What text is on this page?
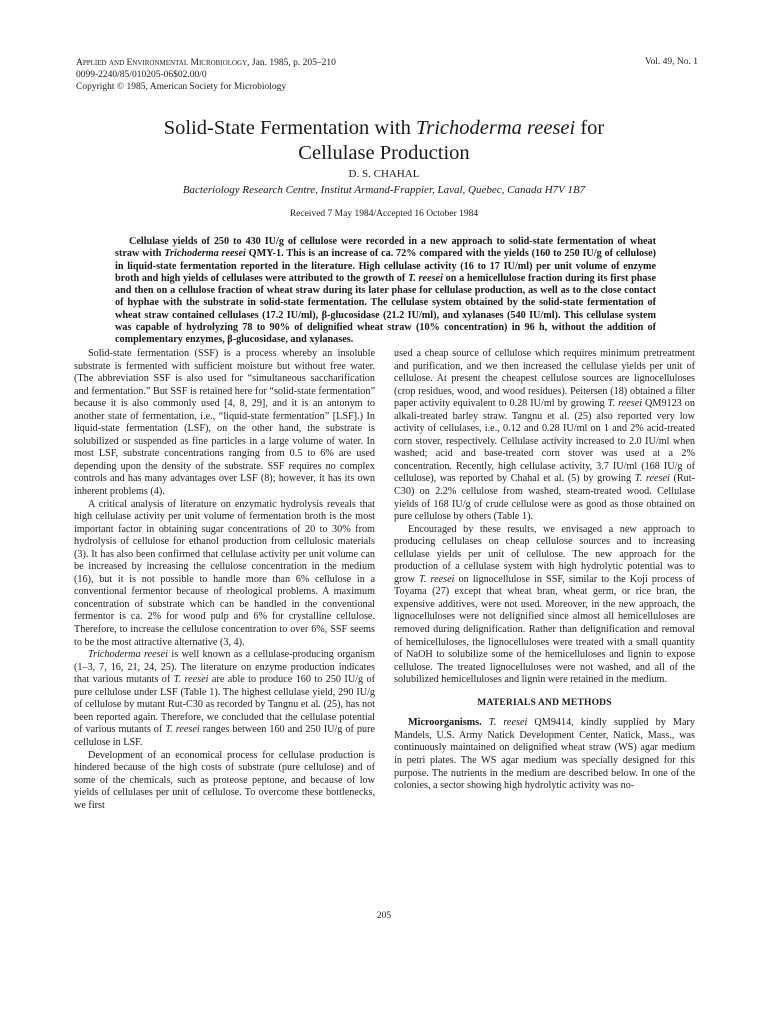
Applied and Environmental Microbiology, Jan. 1985, p. 205–210
0099-2240/85/010205-06$02.00/0
Copyright © 1985, American Society for Microbiology
Vol. 49, No. 1
Solid-State Fermentation with Trichoderma reesei for
Cellulase Production
D. S. CHAHAL
Bacteriology Research Centre, Institut Armand-Frappier, Laval, Quebec, Canada H7V 1B7
Received 7 May 1984/Accepted 16 October 1984

Cellulase yields of 250 to 430 IU/g of cellulose were recorded in a new approach to solid-state fermentation of wheat straw with Trichoderma reesei QMY-1. This is an increase of ca. 72% compared with the yields (160 to 250 IU/g of cellulose) in liquid-state fermentation reported in the literature. High cellulase activity (16 to 17 IU/ml) per unit volume of enzyme broth and high yields of cellulases were attributed to the growth of T. reesei on a hemicellulose fraction during its first phase and then on a cellulose fraction of wheat straw during its later phase for cellulase production, as well as to the close contact of hyphae with the substrate in solid-state fermentation. The cellulase system obtained by the solid-state fermentation of wheat straw contained cellulases (17.2 IU/ml), β-glucosidase (21.2 IU/ml), and xylanases (540 IU/ml). This cellulase system was capable of hydrolyzing 78 to 90% of delignified wheat straw (10% concentration) in 96 h, without the addition of complementary enzymes, β-glucosidase, and xylanases.

Solid-state fermentation (SSF) is a process whereby an insoluble substrate is fermented with sufficient moisture but without free water. (The abbreviation SSF is also used for “simultaneous saccharification and fermentation.” But SSF is retained here for “solid-state fermentation” because it is also commonly used [4, 8, 29], and it is an antonym to another state of fermentation, i.e., “liquid-state fermentation” [LSF].) In liquid-state fermentation (LSF), on the other hand, the substrate is solubilized or suspended as fine particles in a large volume of water. In most LSF, substrate concentrations ranging from 0.5 to 6% are used depending upon the density of the substrate. SSF requires no complex controls and has many advantages over LSF (8); however, it has its own inherent problems (4).

A critical analysis of literature on enzymatic hydrolysis reveals that high cellulase activity per unit volume of fermentation broth is the most important factor in obtaining sugar concentrations of 20 to 30% from hydrolysis of cellulose for ethanol production from cellulosic materials (3). It has also been confirmed that cellulase activity per unit volume can be increased by increasing the cellulose concentration in the medium (16), but it is not possible to handle more than 6% cellulose in a conventional fermentor because of rheological problems. A maximum concentration of substrate which can be handled in the conventional fermentor is ca. 2% for wood pulp and 6% for crystalline cellulose. Therefore, to increase the cellulose concentration to over 6%, SSF seems to be the most attractive alternative (3, 4).

Trichoderma reesei is well known as a cellulase-producing organism (1–3, 7, 16, 21, 24, 25). The literature on enzyme production indicates that various mutants of T. reesei are able to produce 160 to 250 IU/g of pure cellulose under LSF (Table 1). The highest cellulase yield, 290 IU/g of cellulose by mutant Rut-C30 as recorded by Tangnu et al. (25), has not been reported again. Therefore, we concluded that the cellulase potential of various mutants of T. reesei ranges between 160 and 250 IU/g of pure cellulose in LSF.

Development of an economical process for cellulase production is hindered because of the high costs of substrate (pure cellulose) and of some of the chemicals, such as proteose peptone, and because of low yields of cellulases per unit of cellulose. To overcome these bottlenecks, we first

used a cheap source of cellulose which requires minimum pretreatment and purification, and we then increased the cellulase yields per unit of cellulose. At present the cheapest cellulose sources are lignocelluloses (crop residues, wood, and wood residues). Peitersen (18) obtained a filter paper activity equivalent to 0.28 IU/ml by growing T. reesei QM9123 on alkali-treated barley straw. Tangnu et al. (25) also reported very low activity of cellulases, i.e., 0.12 and 0.28 IU/ml on 1 and 2% acid-treated corn stover, respectively. Cellulase activity increased to 2.0 IU/ml when washed; acid and base-treated corn stover was used at a 2% concentration. Recently, high cellulase activity, 3.7 IU/ml (168 IU/g of cellulose), was reported by Chahal et al. (5) by growing T. reesei (Rut-C30) on 2.2% cellulose from washed, steam-treated wood. Cellulase yields of 168 IU/g of crude cellulose were as good as those obtained on pure cellulose by others (Table 1).

Encouraged by these results, we envisaged a new approach to producing cellulases on cheap cellulose sources and to increasing cellulase yields per unit of cellulose. The new approach for the production of a cellulase system with high hydrolytic potential was to grow T. reesei on lignocellulose in SSF, similar to the Koji process of Toyama (27) except that wheat bran, wheat germ, or rice bran, the expensive additives, were not used. Moreover, in the new approach, the lignocelluloses were not delignified since almost all hemicelluloses are removed during delignification. Rather than delignification and removal of hemicelluloses, the lignocelluloses were treated with a small quantity of NaOH to solubilize some of the hemicelluloses and lignin to expose cellulose. The treated lignocelluloses were not washed, and all of the solubilized hemicelluloses and lignin were retained in the medium.

MATERIALS AND METHODS

Microorganisms. T. reesei QM9414, kindly supplied by Mary Mandels, U.S. Army Natick Development Center, Natick, Mass., was continuously maintained on delignified wheat straw (WS) agar medium in petri plates. The WS agar medium was specially designed for this purpose. The nutrients in the medium are described below. In one of the colonies, a sector showing high hydrolytic activity was no-

205
